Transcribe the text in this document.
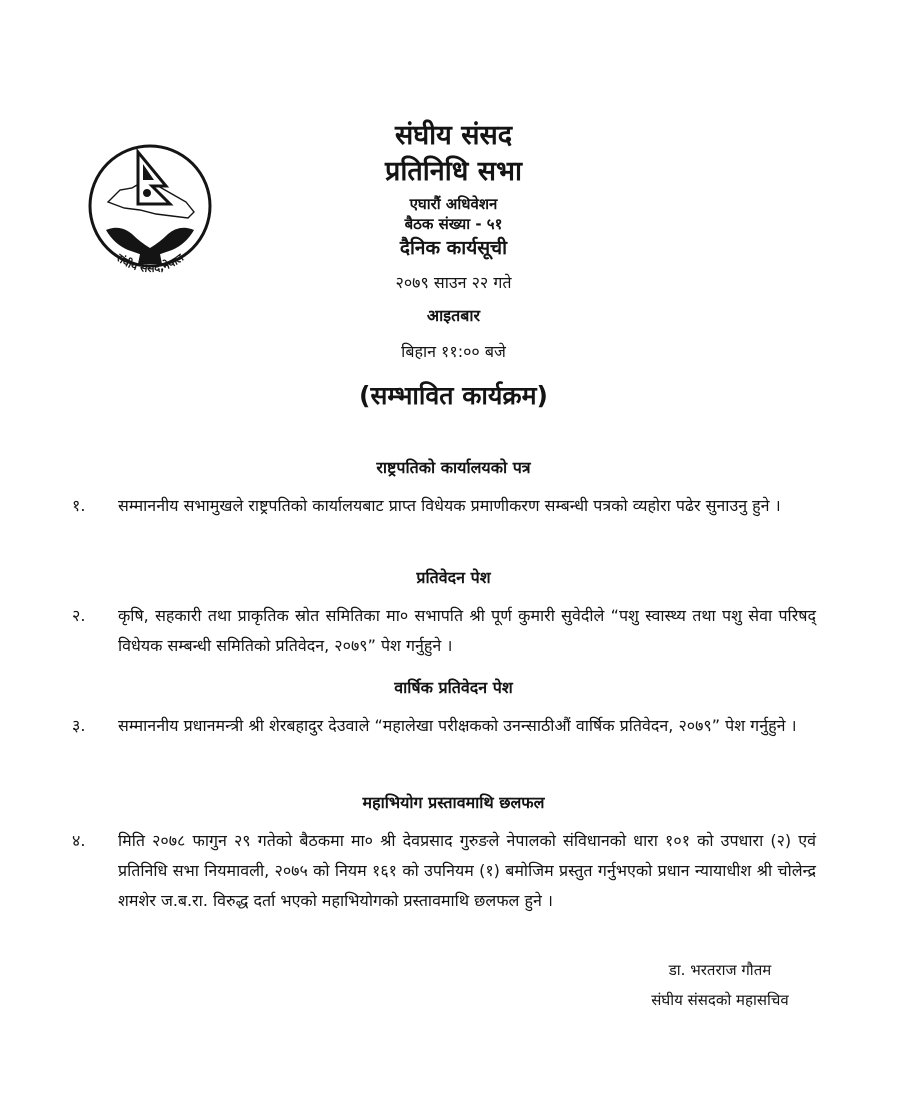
संघीय संसद,नेपाल
संघीय संसद
प्रतिनिधि सभा
एघारौं अधिवेशन
बैठक संख्या - ५१
दैनिक कार्यसूची
२०७९ साउन २२ गते
आइतबार
बिहान ११:०० बजे
(सम्भावित कार्यक्रम)
राष्ट्रपतिको कार्यालयको पत्र
१. सम्माननीय सभामुखले राष्ट्रपतिको कार्यालयबाट प्राप्त विधेयक प्रमाणीकरण सम्बन्धी पत्रको व्यहोरा पढेर सुनाउनु हुने ।
प्रतिवेदन पेश
२. कृषि, सहकारी तथा प्राकृतिक स्रोत समितिका मा० सभापति श्री पूर्ण कुमारी सुवेदीले “पशु स्वास्थ्य तथा पशु सेवा परिषद् विधेयक सम्बन्धी समितिको प्रतिवेदन, २०७९” पेश गर्नुहुने ।
वार्षिक प्रतिवेदन पेश
३. सम्माननीय प्रधानमन्त्री श्री शेरबहादुर देउवाले “महालेखा परीक्षकको उनन्साठीऔं वार्षिक प्रतिवेदन, २०७९” पेश गर्नुहुने ।
महाभियोग प्रस्तावमाथि छलफल
४. मिति २०७८ फागुन २९ गतेको बैठकमा मा० श्री देवप्रसाद गुरुङले नेपालको संविधानको धारा १०१ को उपधारा (२) एवं प्रतिनिधि सभा नियमावली, २०७५ को नियम १६१ को उपनियम (१) बमोजिम प्रस्तुत गर्नुभएको प्रधान न्यायाधीश श्री चोलेन्द्र शमशेर ज.ब.रा. विरुद्ध दर्ता भएको महाभियोगको प्रस्तावमाथि छलफल हुने ।
डा. भरतराज गौतम
संघीय संसदको महासचिव
